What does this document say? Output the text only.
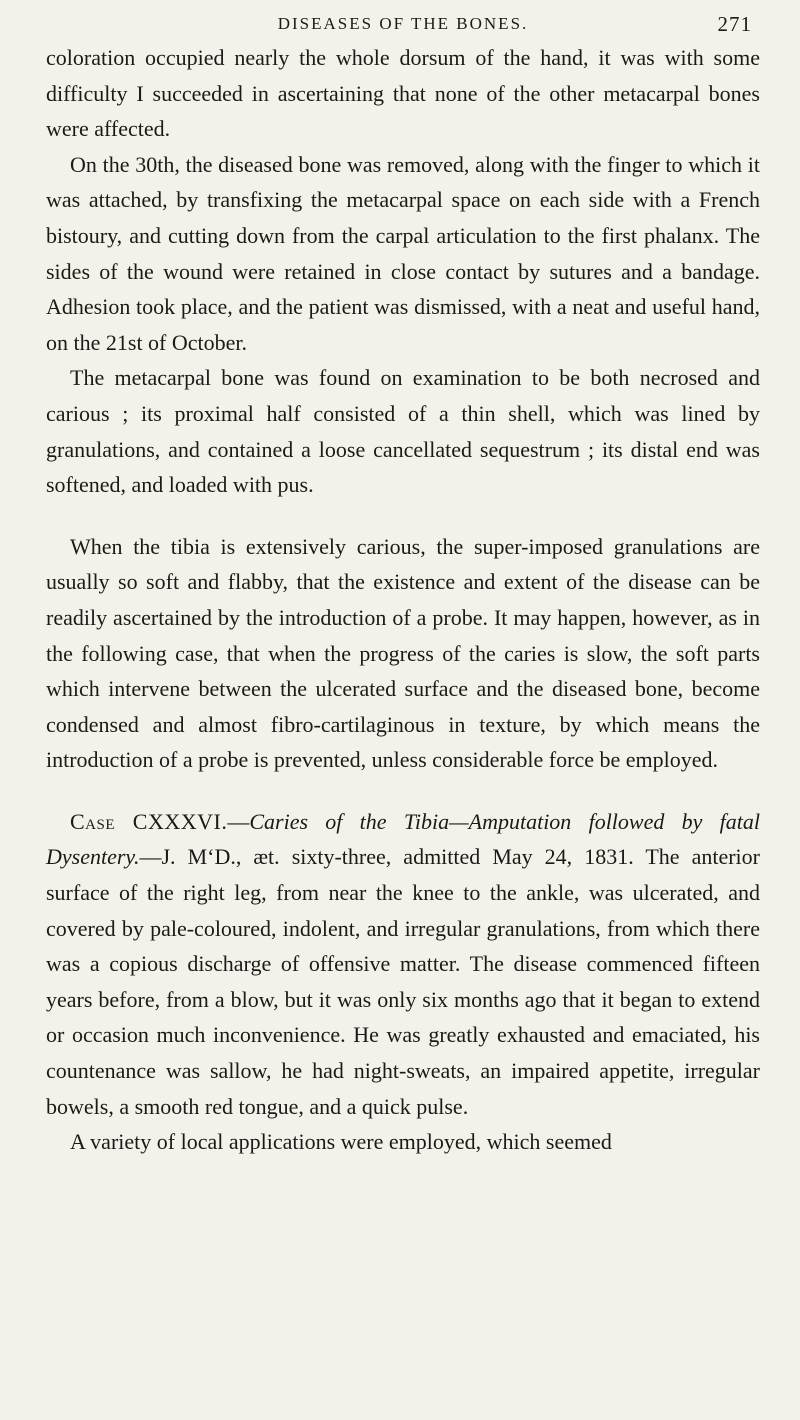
DISEASES OF THE BONES.	271

coloration occupied nearly the whole dorsum of the hand, it was with some difficulty I succeeded in ascertaining that none of the other metacarpal bones were affected.

On the 30th, the diseased bone was removed, along with the finger to which it was attached, by transfixing the metacarpal space on each side with a French bistoury, and cutting down from the carpal articulation to the first phalanx. The sides of the wound were retained in close contact by sutures and a bandage. Adhesion took place, and the patient was dismissed, with a neat and useful hand, on the 21st of October.

The metacarpal bone was found on examination to be both necrosed and carious ; its proximal half consisted of a thin shell, which was lined by granulations, and contained a loose cancellated sequestrum ; its distal end was softened, and loaded with pus.

When the tibia is extensively carious, the super-imposed granulations are usually so soft and flabby, that the existence and extent of the disease can be readily ascertained by the introduction of a probe. It may happen, however, as in the following case, that when the progress of the caries is slow, the soft parts which intervene between the ulcerated surface and the diseased bone, become condensed and almost fibro-cartilaginous in texture, by which means the introduction of a probe is prevented, unless considerable force be employed.

Case CXXXVI.—Caries of the Tibia—Amputation followed by fatal Dysentery.—J. M‘D., æt. sixty-three, admitted May 24, 1831. The anterior surface of the right leg, from near the knee to the ankle, was ulcerated, and covered by pale-coloured, indolent, and irregular granulations, from which there was a copious discharge of offensive matter. The disease commenced fifteen years before, from a blow, but it was only six months ago that it began to extend or occasion much inconvenience. He was greatly exhausted and emaciated, his countenance was sallow, he had night-sweats, an impaired appetite, irregular bowels, a smooth red tongue, and a quick pulse.

A variety of local applications were employed, which seemed
